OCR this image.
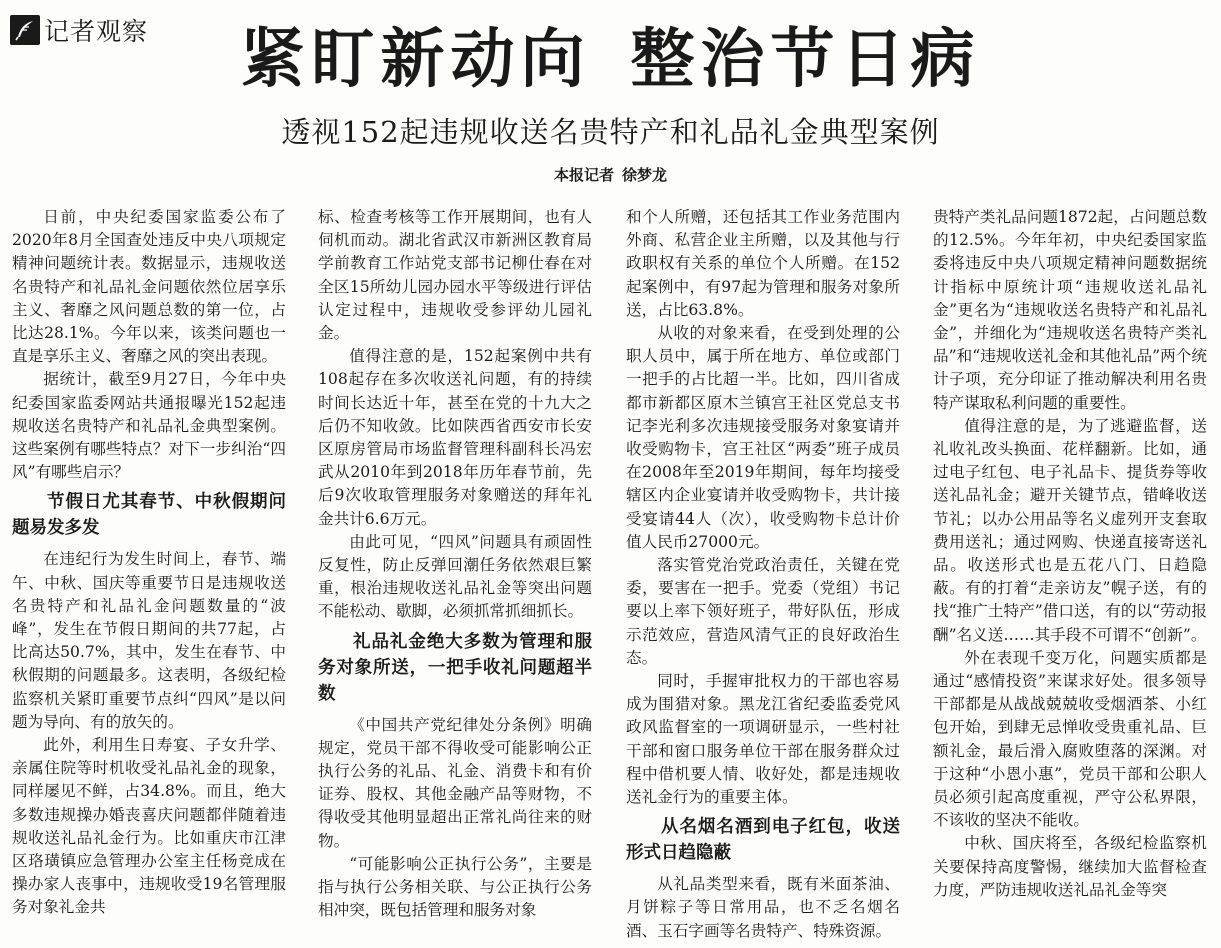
记者观察	紧盯新动向 整治节日病
透视152起违规收送名贵特产和礼品礼金典型案例
本报记者 徐梦龙

日前，中央纪委国家监委公布了2020年8月全国查处违反中央八项规定精神问题统计表。数据显示，违规收送名贵特产和礼品礼金问题依然位居享乐主义、奢靡之风问题总数的第一位，占比达28.1%。今年以来，该类问题也一直是享乐主义、奢靡之风的突出表现。

据统计，截至9月27日，今年中央纪委国家监委网站共通报曝光152起违规收送名贵特产和礼品礼金典型案例。这些案例有哪些特点？对下一步纠治“四风”有哪些启示？

节假日尤其春节、中秋假期问题易发多发

在违纪行为发生时间上，春节、端午、中秋、国庆等重要节日是违规收送名贵特产和礼品礼金问题数量的“波峰”，发生在节假日期间的共77起，占比高达50.7%，其中，发生在春节、中秋假期的问题最多。这表明，各级纪检监察机关紧盯重要节点纠“四风”是以问题为导向、有的放矢的。

此外，利用生日寿宴、子女升学、亲属住院等时机收受礼品礼金的现象，同样屡见不鲜，占34.8%。而且，绝大多数违规操办婚丧喜庆问题都伴随着违规收送礼品礼金行为。比如重庆市江津区珞璜镇应急管理办公室主任杨竞成在操办家人丧事中，违规收受19名管理服务对象礼金共

标、检查考核等工作开展期间，也有人伺机而动。湖北省武汉市新洲区教育局学前教育工作站党支部书记柳仕春在对全区15所幼儿园办园水平等级进行评估认定过程中，违规收受参评幼儿园礼金。

值得注意的是，152起案例中共有108起存在多次收送礼问题，有的持续时间长达近十年，甚至在党的十九大之后仍不知收敛。比如陕西省西安市长安区原房管局市场监督管理科副科长冯宏武从2010年到2018年历年春节前，先后9次收取管理服务对象赠送的拜年礼金共计6.6万元。

由此可见，“四风”问题具有顽固性反复性，防止反弹回潮任务依然艰巨繁重，根治违规收送礼品礼金等突出问题不能松动、歇脚，必须抓常抓细抓长。

礼品礼金绝大多数为管理和服务对象所送，一把手收礼问题超半数

《中国共产党纪律处分条例》明确规定，党员干部不得收受可能影响公正执行公务的礼品、礼金、消费卡和有价证券、股权、其他金融产品等财物，不得收受其他明显超出正常礼尚往来的财物。

“可能影响公正执行公务”，主要是指与执行公务相关联、与公正执行公务相冲突，既包括管理和服务对象

和个人所赠，还包括其工作业务范围内外商、私营企业主所赠，以及其他与行政职权有关系的单位个人所赠。在152起案例中，有97起为管理和服务对象所送，占比63.8%。

从收的对象来看，在受到处理的公职人员中，属于所在地方、单位或部门一把手的占比超一半。比如，四川省成都市新都区原木兰镇宫王社区党总支书记李光利多次违规接受服务对象宴请并收受购物卡，宫王社区“两委”班子成员在2008年至2019年期间，每年均接受辖区内企业宴请并收受购物卡，共计接受宴请44人（次），收受购物卡总计价值人民币27000元。

落实管党治党政治责任，关键在党委，要害在一把手。党委（党组）书记要以上率下领好班子，带好队伍，形成示范效应，营造风清气正的良好政治生态。

同时，手握审批权力的干部也容易成为围猎对象。黑龙江省纪委监委党风政风监督室的一项调研显示，一些村社干部和窗口服务单位干部在服务群众过程中借机要人情、收好处，都是违规收送礼金行为的重要主体。

从名烟名酒到电子红包，收送形式日趋隐蔽

从礼品类型来看，既有米面茶油、月饼粽子等日常用品，也不乏名烟名酒、玉石字画等名贵特产、特殊资源。

贵特产类礼品问题1872起，占问题总数的12.5%。今年年初，中央纪委国家监委将违反中央八项规定精神问题数据统计指标中原统计项“违规收送礼品礼金”更名为“违规收送名贵特产和礼品礼金”，并细化为“违规收送名贵特产类礼品”和“违规收送礼金和其他礼品”两个统计子项，充分印证了推动解决利用名贵特产谋取私利问题的重要性。

值得注意的是，为了逃避监督，送礼收礼改头换面、花样翻新。比如，通过电子红包、电子礼品卡、提货券等收送礼品礼金；避开关键节点，错峰收送节礼；以办公用品等名义虚列开支套取费用送礼；通过网购、快递直接寄送礼品。收送形式也是五花八门、日趋隐蔽。有的打着“走亲访友”幌子送，有的找“推广土特产”借口送，有的以“劳动报酬”名义送……其手段不可谓不“创新”。

外在表现千变万化，问题实质都是通过“感情投资”来谋求好处。很多领导干部都是从战战兢兢收受烟酒茶、小红包开始，到肆无忌惮收受贵重礼品、巨额礼金，最后滑入腐败堕落的深渊。对于这种“小恩小惠”，党员干部和公职人员必须引起高度重视，严守公私界限，不该收的坚决不能收。

中秋、国庆将至，各级纪检监察机关要保持高度警惕，继续加大监督检查力度，严防违规收送礼品礼金等突
